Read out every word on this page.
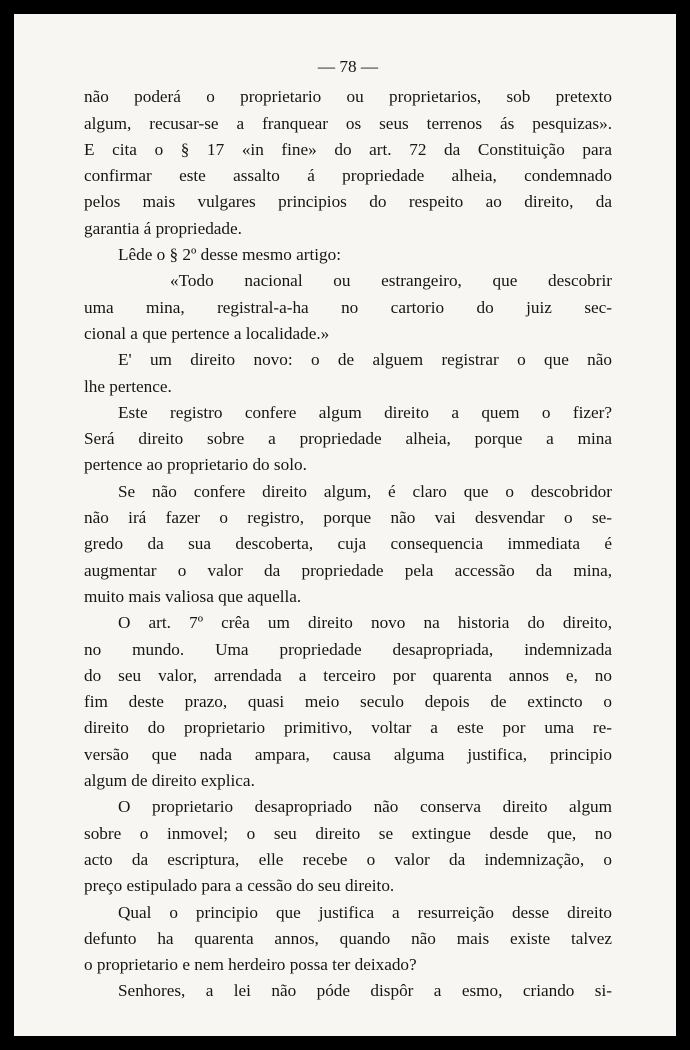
— 78 —
não poderá o proprietario ou proprietarios, sob pretexto
algum, recusar-se a franquear os seus terrenos ás pesquizas».
E cita o § 17 «in fine» do art. 72 da Constituição para
confirmar este assalto á propriedade alheia, condemnado
pelos mais vulgares principios do respeito ao direito, da
garantia á propriedade.
Lêde o § 2º desse mesmo artigo:
«Todo nacional ou estrangeiro, que descobrir
uma mina, registral-a-ha no cartorio do juiz sec-
cional a que pertence a localidade.»
E' um direito novo: o de alguem registrar o que não
lhe pertence.
Este registro confere algum direito a quem o fizer?
Será direito sobre a propriedade alheia, porque a mina
pertence ao proprietario do solo.
Se não confere direito algum, é claro que o descobridor
não irá fazer o registro, porque não vai desvendar o se-
gredo da sua descoberta, cuja consequencia immediata é
augmentar o valor da propriedade pela accessão da mina,
muito mais valiosa que aquella.
O art. 7º crêa um direito novo na historia do direito,
no mundo. Uma propriedade desapropriada, indemnizada
do seu valor, arrendada a terceiro por quarenta annos e, no
fim deste prazo, quasi meio seculo depois de extincto o
direito do proprietario primitivo, voltar a este por uma re-
versão que nada ampara, causa alguma justifica, principio
algum de direito explica.
O proprietario desapropriado não conserva direito algum
sobre o inmovel; o seu direito se extingue desde que, no
acto da escriptura, elle recebe o valor da indemnização, o
preço estipulado para a cessão do seu direito.
Qual o principio que justifica a resurreição desse direito
defunto ha quarenta annos, quando não mais existe talvez
o proprietario e nem herdeiro possa ter deixado?
Senhores, a lei não póde dispôr a esmo, criando si-
